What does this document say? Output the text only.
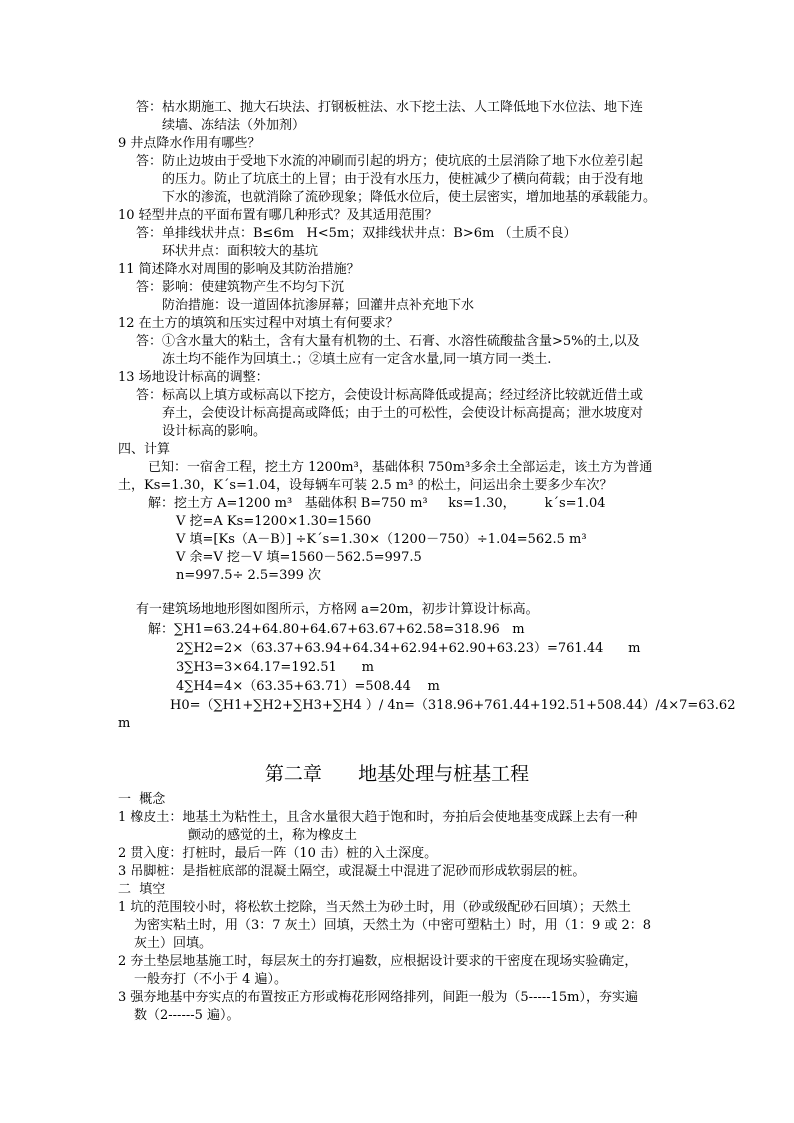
答：枯水期施工、抛大石块法、打钢板桩法、水下挖土法、人工降低地下水位法、地下连
续墙、冻结法（外加剂）
9 井点降水作用有哪些？
答：防止边坡由于受地下水流的冲刷而引起的坍方；使坑底的土层消除了地下水位差引起
的压力。防止了坑底土的上冒；由于没有水压力，使桩减少了横向荷载；由于没有地
下水的渗流，也就消除了流砂现象；降低水位后，使土层密实，增加地基的承载能力。
10 轻型井点的平面布置有哪几种形式？及其适用范围？
答：单排线状井点：B≤6m   H<5m；双排线状井点：B>6m （土质不良）
环状井点：面积较大的基坑
11 简述降水对周围的影响及其防治措施？
答：影响：使建筑物产生不均匀下沉
防治措施：设一道固体抗渗屏幕；回灌井点补充地下水
12 在土方的填筑和压实过程中对填土有何要求？
答：①含水量大的粘土，含有大量有机物的土、石膏、水溶性硫酸盐含量>5%的土,以及
冻土均不能作为回填土.；②填土应有一定含水量,同一填方同一类土.
13 场地设计标高的调整：
答：标高以上填方或标高以下挖方，会使设计标高降低或提高；经过经济比较就近借土或
弃土，会使设计标高提高或降低；由于土的可松性，会使设计标高提高；泄水坡度对
设计标高的影响。
四、计算
已知：一宿舍工程，挖土方 1200m³，基础体积 750m³多余土全部运走，该土方为普通
土，Ks=1.30，K΄s=1.04，设每辆车可装 2.5 m³ 的松土，问运出余土要多少车次？
解：挖土方 A=1200 m³   基础体积 B=750 m³     ks=1.30，       k΄s=1.04
V 挖=A Ks=1200×1.30=1560
V 填=[Ks（A－B）] ÷K΄s=1.30×（1200－750）÷1.04=562.5 m³
V 余=V 挖－V 填=1560－562.5=997.5
n=997.5÷ 2.5=399 次
有一建筑场地地形图如图所示，方格网 a=20m，初步计算设计标高。
解：∑H1=63.24+64.80+64.67+63.67+62.58=318.96   m
2∑H2=2×（63.37+63.94+64.34+62.94+62.90+63.23）=761.44      m
3∑H3=3×64.17=192.51      m
4∑H4=4×（63.35+63.71）=508.44    m
H0=（∑H1+∑H2+∑H3+∑H4 ）/ 4n=（318.96+761.44+192.51+508.44）/4×7=63.62
m
第二章      地基处理与桩基工程
一  概念
1 橡皮土：地基土为粘性土，且含水量很大趋于饱和时，夯拍后会使地基变成踩上去有一种
颤动的感觉的土，称为橡皮土
2 贯入度：打桩时，最后一阵（10 击）桩的入土深度。
3 吊脚桩：是指桩底部的混凝土隔空，或混凝土中混进了泥砂而形成软弱层的桩。
二  填空
1 坑的范围较小时，将松软土挖除，当天然土为砂土时，用（砂或级配砂石回填）；天然土
为密实粘土时，用（3：7 灰土）回填，天然土为（中密可塑粘土）时，用（1：9 或 2：8
灰土）回填。
2 夯土垫层地基施工时，每层灰土的夯打遍数，应根据设计要求的干密度在现场实验确定，
一般夯打（不小于 4 遍）。
3 强夯地基中夯实点的布置按正方形或梅花形网络排列，间距一般为（5-----15m），夯实遍
数（2------5 遍）。
